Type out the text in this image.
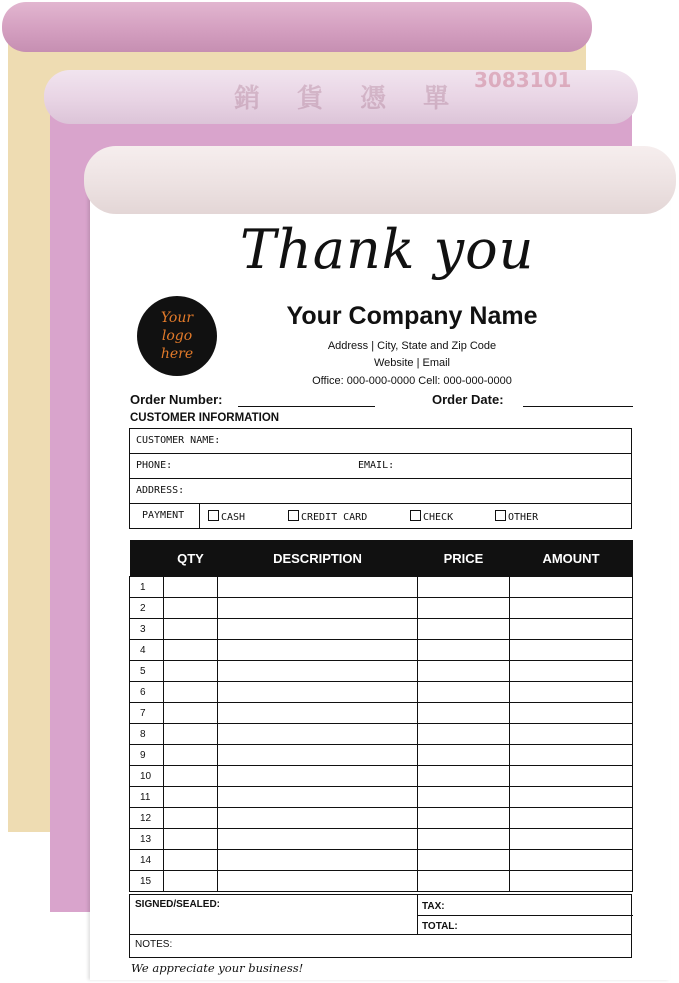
銷 貨 憑 單
3083101
Thank you
Your
logo
here
Your Company Name
Address | City, State and Zip Code
Website | Email
Office: 000-000-0000 Cell: 000-000-0000
Order Number:	Order Date:
CUSTOMER INFORMATION
CUSTOMER NAME:
PHONE:	EMAIL:
ADDRESS:
PAYMENT	CASH	CREDIT CARD	CHECK	OTHER
	QTY	DESCRIPTION	PRICE	AMOUNT
1				
2				
3				
4				
5				
6				
7				
8				
9				
10				
11				
12				
13				
14				
15				
SIGNED/SEALED:	TAX:
TOTAL:
NOTES:
We appreciate your business!
